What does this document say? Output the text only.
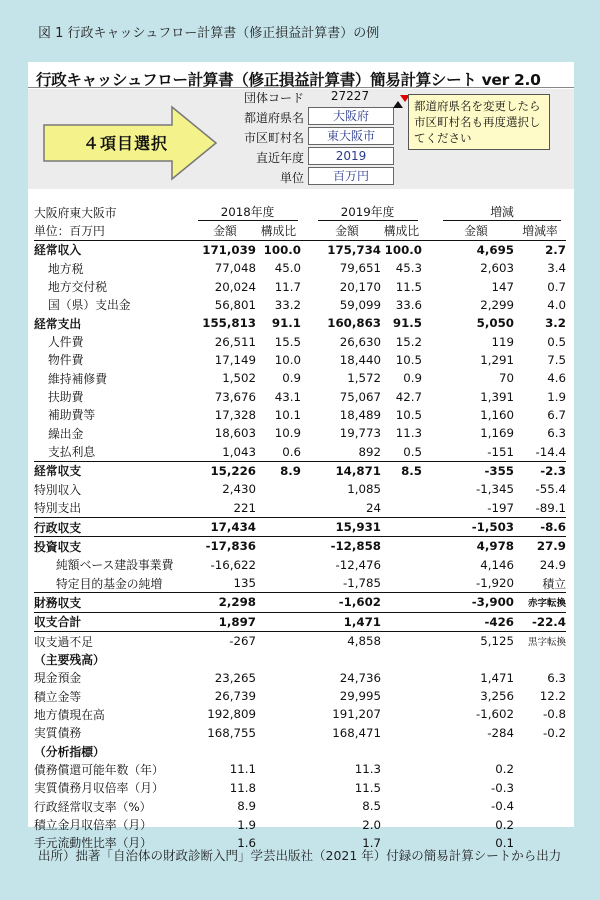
図 1 行政キャッシュフロー計算書（修正損益計算書）の例
行政キャッシュフロー計算書（修正損益計算書）簡易計算シート ver 2.0
４項目選択
団体コード	27227
都道府県名	大阪府
市区町村名	東大阪市
直近年度	2019
単位	百万円
都道府県名を変更したら市区町村名も再度選択してください
大阪府東大阪市	2018年度			2019年度			増減	
単位：百万円	金額	構成比		金額	構成比		金額	増減率
経常収入	171,039	100.0		175,734	100.0		4,695	2.7
地方税	77,048	45.0		79,651	45.3		2,603	3.4
地方交付税	20,024	11.7		20,170	11.5		147	0.7
国（県）支出金	56,801	33.2		59,099	33.6		2,299	4.0
経常支出	155,813	91.1		160,863	91.5		5,050	3.2
人件費	26,511	15.5		26,630	15.2		119	0.5
物件費	17,149	10.0		18,440	10.5		1,291	7.5
維持補修費	1,502	0.9		1,572	0.9		70	4.6
扶助費	73,676	43.1		75,067	42.7		1,391	1.9
補助費等	17,328	10.1		18,489	10.5		1,160	6.7
繰出金	18,603	10.9		19,773	11.3		1,169	6.3
支払利息	1,043	0.6		892	0.5		-151	-14.4
経常収支	15,226	8.9		14,871	8.5		-355	-2.3
特別収入	2,430			1,085			-1,345	-55.4
特別支出	221			24			-197	-89.1
行政収支	17,434			15,931			-1,503	-8.6
投資収支	-17,836			-12,858			4,978	27.9
純額ベース建設事業費	-16,622			-12,476			4,146	24.9
特定目的基金の純増	135			-1,785			-1,920	積立
財務収支	2,298			-1,602			-3,900	赤字転換
収支合計	1,897			1,471			-426	-22.4
収支過不足	-267			4,858			5,125	黒字転換
（主要残高）								
現金預金	23,265			24,736			1,471	6.3
積立金等	26,739			29,995			3,256	12.2
地方債現在高	192,809			191,207			-1,602	-0.8
実質債務	168,755			168,471			-284	-0.2
（分析指標）								
債務償還可能年数（年）	11.1			11.3			0.2	
実質債務月収倍率（月）	11.8			11.5			-0.3	
行政経常収支率（%）	8.9			8.5			-0.4	
積立金月収倍率（月）	1.9			2.0			0.2	
手元流動性比率（月）	1.6			1.7			0.1	
出所）拙著「自治体の財政診断入門」学芸出版社（2021 年）付録の簡易計算シートから出力
